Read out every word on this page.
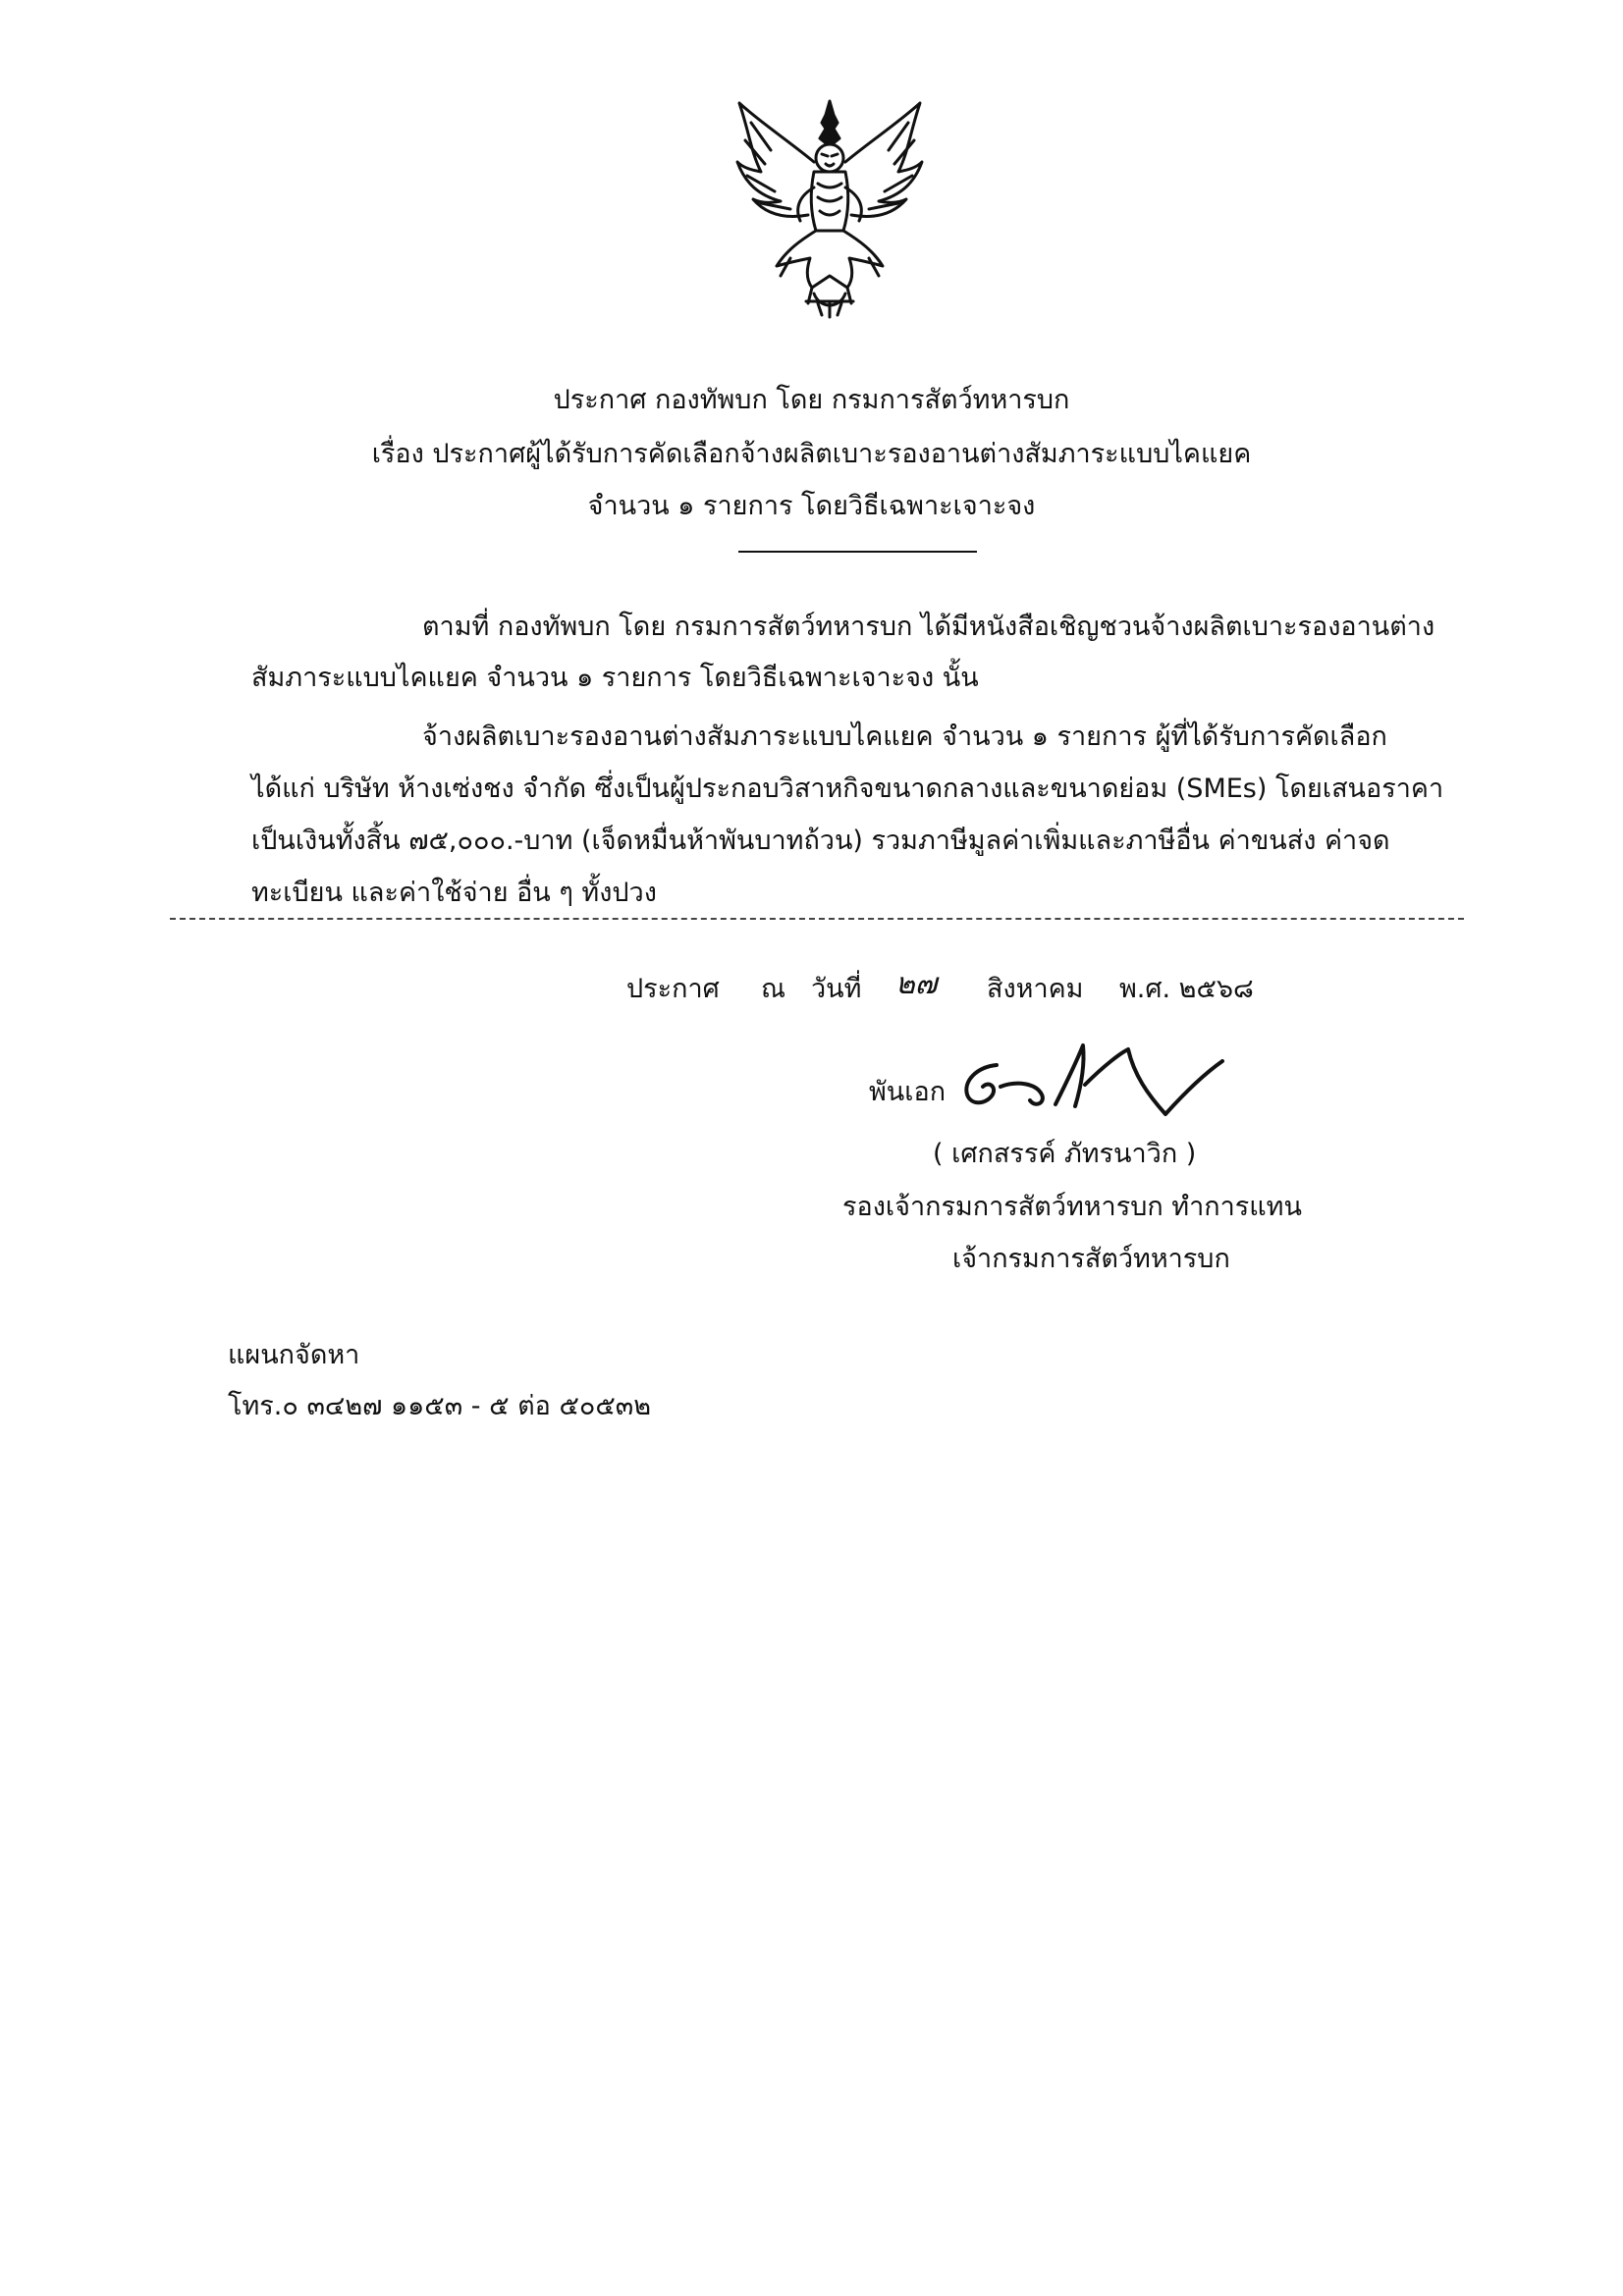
ประกาศ กองทัพบก โดย กรมการสัตว์ทหารบก
เรื่อง ประกาศผู้ได้รับการคัดเลือกจ้างผลิตเบาะรองอานต่างสัมภาระแบบไคแยค
จำนวน ๑ รายการ โดยวิธีเฉพาะเจาะจง
ตามที่ กองทัพบก โดย กรมการสัตว์ทหารบก ได้มีหนังสือเชิญชวนจ้างผลิตเบาะรองอานต่าง
สัมภาระแบบไคแยค จำนวน ๑ รายการ โดยวิธีเฉพาะเจาะจง นั้น
จ้างผลิตเบาะรองอานต่างสัมภาระแบบไคแยค จำนวน ๑ รายการ ผู้ที่ได้รับการคัดเลือก
ได้แก่ บริษัท ห้างเซ่งชง จำกัด ซึ่งเป็นผู้ประกอบวิสาหกิจขนาดกลางและขนาดย่อม (SMEs) โดยเสนอราคา
เป็นเงินทั้งสิ้น ๗๕,๐๐๐.-บาท (เจ็ดหมื่นห้าพันบาทถ้วน) รวมภาษีมูลค่าเพิ่มและภาษีอื่น ค่าขนส่ง ค่าจด
ทะเบียน และค่าใช้จ่าย อื่น ๆ ทั้งปวง
ประกาศ ณ วันที่ ๒๗ สิงหาคม พ.ศ. ๒๕๖๘
พันเอก
( เศกสรรค์ ภัทรนาวิก )
รองเจ้ากรมการสัตว์ทหารบก ทำการแทน
เจ้ากรมการสัตว์ทหารบก
แผนกจัดหา
โทร.๐ ๓๔๒๗ ๑๑๕๓ - ๕ ต่อ ๕๐๕๓๒
